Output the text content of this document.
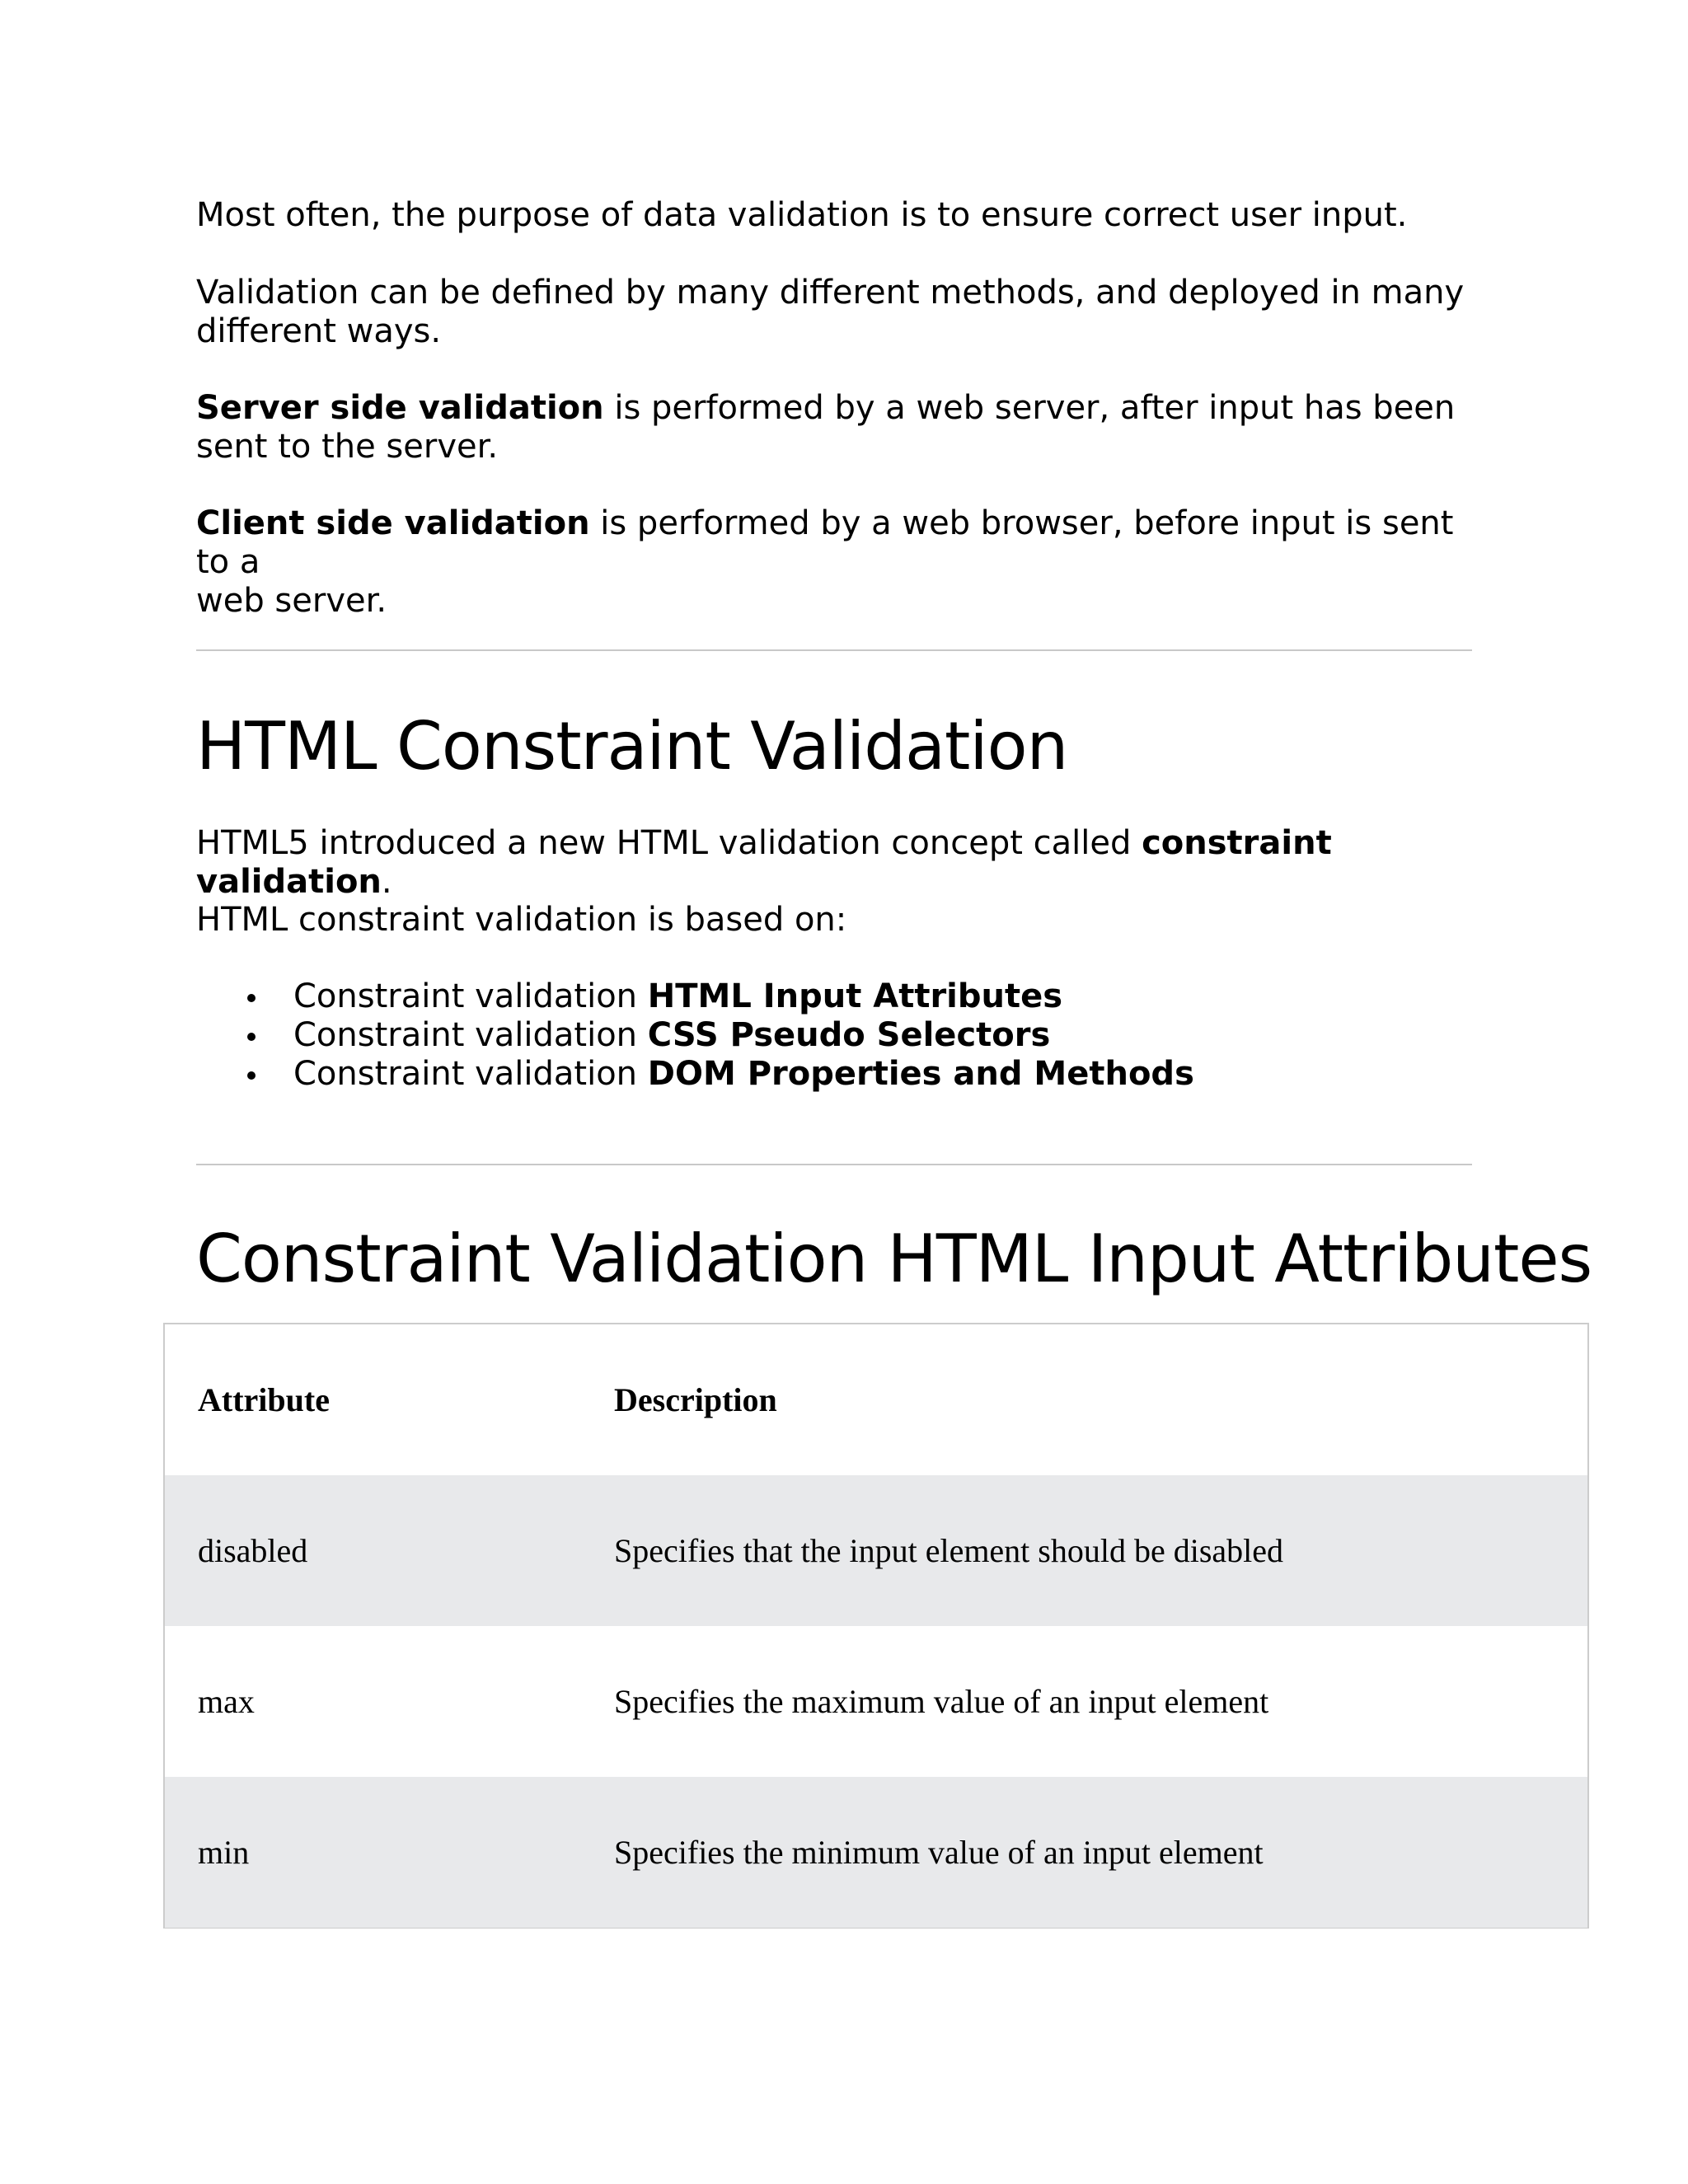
Most often, the purpose of data validation is to ensure correct user input.

Validation can be defined by many different methods, and deployed in many
different ways.

Server side validation is performed by a web server, after input has been
sent to the server.

Client side validation is performed by a web browser, before input is sent to a
web server.

HTML Constraint Validation

HTML5 introduced a new HTML validation concept called constraint validation.

HTML constraint validation is based on:

Constraint validation HTML Input Attributes
Constraint validation CSS Pseudo Selectors
Constraint validation DOM Properties and Methods
Constraint Validation HTML Input Attributes
Attribute	Description
disabled	Specifies that the input element should be disabled
max	Specifies the maximum value of an input element
min	Specifies the minimum value of an input element
